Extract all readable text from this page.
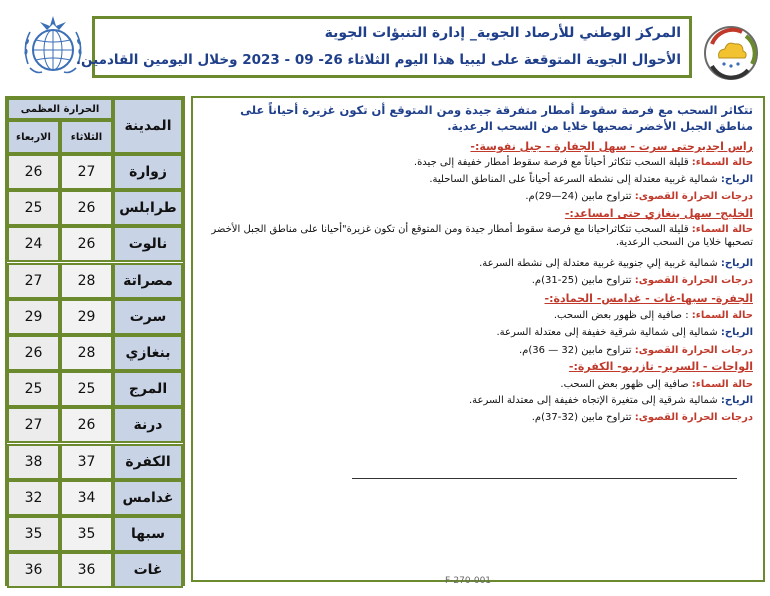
المركز الوطني للأرصاد الجوية_ إدارة التنبؤات الجوية
الأحوال الجوية المتوقعة على ليبيا هذا اليوم الثلاثاء 26- 09 - 2023 وخلال اليومين القادمين.
الحرارة العظمى
الثلاثاء
الاربعاء
المدينة
زوارة
27
26
طرابلس
26
25
نالوت
26
24
مصراتة
28
27
سرت
29
29
بنغازي
28
26
المرج
25
25
درنة
26
27
الكفرة
37
38
غدامس
34
32
سبها
35
35
غات
36
36
تتكاثر السحب مع فرصة سقوط أمطار متفرقة جيدة ومن المتوقع أن تكون غزيرة أحياناً على مناطق الجبل الأخضر تصحبها خلايا من السحب الرعدية.
راس اجديرحتى سرت - سهل الجفارة - جبل نفوسة:-
حالة السماء: قليلة السحب تتكاثر أحياناً مع فرصة سقوط أمطار خفيفة إلى جيدة.
الرياح: شمالية غربية معتدلة إلى نشطة السرعة أحياناً على المناطق الساحلية.
درجات الحرارة القصوى: تتراوح مابين (24—29)م.
الخليج- سهل بنغازي حتى امساعد:-
حالة السماء: قليلة السحب تتكاثراحيانا مع فرصة سقوط أمطار جيدة ومن المتوقع أن تكون غزيرة"أحيانا على مناطق الجبل الأخضر تصحبها خلايا من السحب الرعدية.
الرياح: شمالية غربية إلي جنوبية غربية معتدلة إلى نشطة السرعة.
درجات الحرارة القصوى: تتراوح مابين (25-31)م.
الجفرة- سبها-غات - غدامس- الحمادة:-
حالة السماء: : صافية إلى ظهور بعض السحب.
الرياح: شمالية إلى شمالية شرقية خفيفة إلى معتدلة السرعة.
درجات الحرارة القصوى: تتراوح مابين (32 — 36)م.
الواحات - السرير- تازربو- الكفرة:-
حالة السماء: صافية إلى ظهور بعض السحب.
الرياح: شمالية شرقية إلى متغيرة الإتجاه خفيفة إلى معتدلة السرعة.
درجات الحرارة القصوى: تتراوح مابين (32-37)م.
F-270-001
